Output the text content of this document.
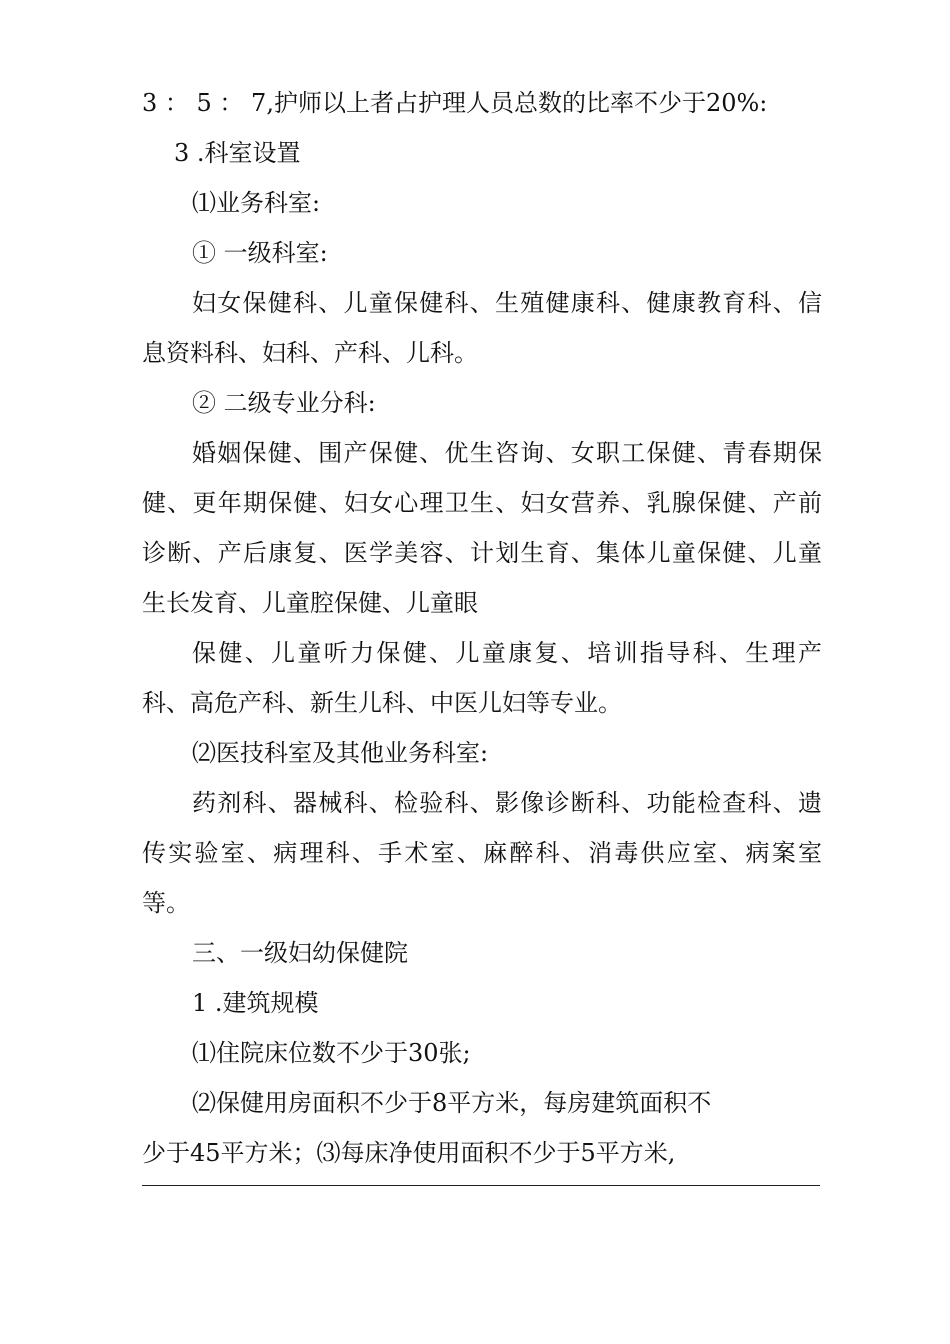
3 ： 5 ： 7,护师以上者占护理人员总数的比率不少于20%:
3 .科室设置
⑴业务科室:
① 一级科室:
妇女保健科、儿童保健科、生殖健康科、健康教育科、信
息资料科、妇科、产科、儿科。
② 二级专业分科:
婚姻保健、围产保健、优生咨询、女职工保健、青春期保
健、更年期保健、妇女心理卫生、妇女营养、乳腺保健、产前
诊断、产后康复、医学美容、计划生育、集体儿童保健、儿童
生长发育、儿童腔保健、儿童眼
保健、儿童听力保健、儿童康复、培训指导科、生理产
科、高危产科、新生儿科、中医儿妇等专业。
⑵医技科室及其他业务科室:
药剂科、器械科、检验科、影像诊断科、功能检查科、遗
传实验室、病理科、手术室、麻醉科、消毒供应室、病案室
等。
三、一级妇幼保健院
1 .建筑规模
⑴住院床位数不少于30张;
⑵保健用房面积不少于8平方米，每房建筑面积不
少于45平方米；⑶每床净使用面积不少于5平方米,
